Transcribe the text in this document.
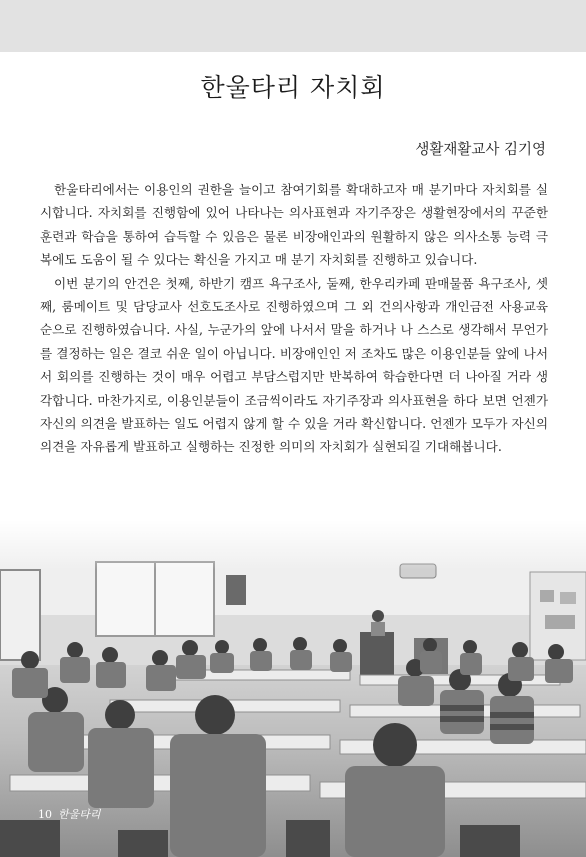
한울타리 자치회
생활재활교사 김기영

한울타리에서는 이용인의 권한을 늘이고 참여기회를 확대하고자 매 분기마다 자치회를 실시합니다. 자치회를 진행함에 있어 나타나는 의사표현과 자기주장은 생활현장에서의 꾸준한 훈련과 학습을 통하여 습득할 수 있음은 물론 비장애인과의 원활하지 않은 의사소통 능력 극복에도 도움이 될 수 있다는 확신을 가지고 매 분기 자치회를 진행하고 있습니다.

이번 분기의 안건은 첫째, 하반기 캠프 욕구조사, 둘째, 한우리카페 판매물품 욕구조사, 셋째, 룸메이트 및 담당교사 선호도조사로 진행하였으며 그 외 건의사항과 개인금전 사용교육 순으로 진행하였습니다. 사실, 누군가의 앞에 나서서 말을 하거나 나 스스로 생각해서 무언가를 결정하는 일은 결코 쉬운 일이 아닙니다. 비장애인인 저 조차도 많은 이용인분들 앞에 나서서 회의를 진행하는 것이 매우 어렵고 부담스럽지만 반복하여 학습한다면 더 나아질 거라 생각합니다. 마찬가지로, 이용인분들이 조금씩이라도 자기주장과 의사표현을 하다 보면 언젠가 자신의 의견을 발표하는 일도 어렵지 않게 할 수 있을 거라 확신합니다. 언젠가 모두가 자신의 의견을 자유롭게 발표하고 실행하는 진정한 의미의 자치회가 실현되길 기대해봅니다.

10 한울타리
